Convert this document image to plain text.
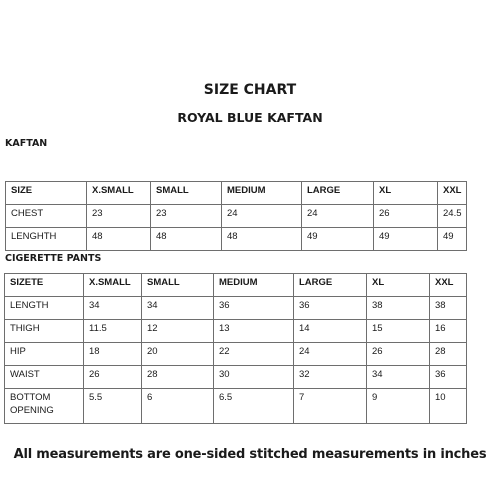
SIZE CHART
ROYAL BLUE KAFTAN
KAFTAN
SIZE	X.SMALL	SMALL	MEDIUM	LARGE	XL	XXL
CHEST	23	23	24	24	26	24.5
LENGHTH	48	48	48	49	49	49
CIGERETTE PANTS
SIZETE	X.SMALL	SMALL	MEDIUM	LARGE	XL	XXL
LENGTH	34	34	36	36	38	38
THIGH	11.5	12	13	14	15	16
HIP	18	20	22	24	26	28
WAIST	26	28	30	32	34	36
BOTTOM OPENING	5.5	6	6.5	7	9	10
All measurements are one-sided stitched measurements in inches
